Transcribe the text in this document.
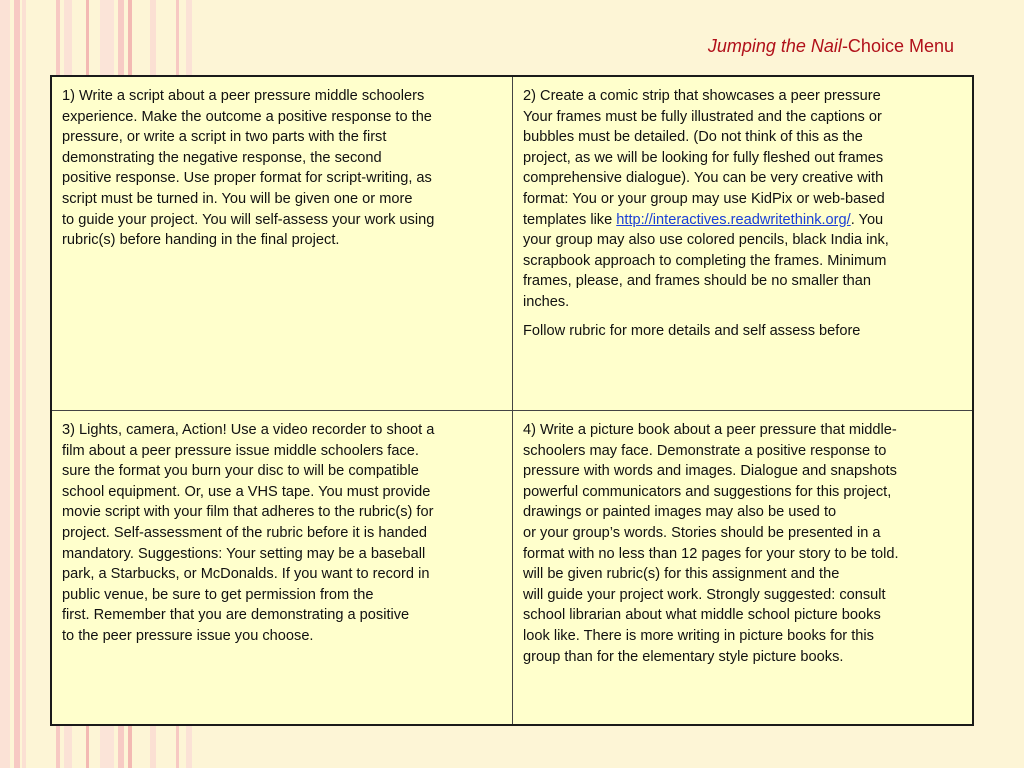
Jumping the Nail-Choice Menu

1) Write a script about a peer pressure middle schoolers
experience. Make the outcome a positive response to the
pressure, or write a script in two parts with the first
demonstrating the negative response, the second
positive response. Use proper format for script-writing, as
script must be turned in. You will be given one or more
to guide your project. You will self-assess your work using
rubric(s) before handing in the final project.

2) Create a comic strip that showcases a peer pressure
Your frames must be fully illustrated and the captions or
bubbles must be detailed. (Do not think of this as the
project, as we will be looking for fully fleshed out frames
comprehensive dialogue). You can be very creative with
format: You or your group may use KidPix or web-based
templates like http://interactives.readwritethink.org/. You
your group may also use colored pencils, black India ink,
scrapbook approach to completing the frames. Minimum
frames, please, and frames should be no smaller than
inches.

Follow rubric for more details and self assess before

3) Lights, camera, Action! Use a video recorder to shoot a
film about a peer pressure issue middle schoolers face.
sure the format you burn your disc to will be compatible
school equipment. Or, use a VHS tape. You must provide
movie script with your film that adheres to the rubric(s) for
project. Self-assessment of the rubric before it is handed
mandatory. Suggestions: Your setting may be a baseball
park, a Starbucks, or McDonalds. If you want to record in
public venue, be sure to get permission from the
first. Remember that you are demonstrating a positive
to the peer pressure issue you choose.

4) Write a picture book about a peer pressure that middle-
schoolers may face. Demonstrate a positive response to
pressure with words and images. Dialogue and snapshots
powerful communicators and suggestions for this project,
drawings or painted images may also be used to
or your group’s words. Stories should be presented in a
format with no less than 12 pages for your story to be told.
will be given rubric(s) for this assignment and the
will guide your project work. Strongly suggested: consult
school librarian about what middle school picture books
look like. There is more writing in picture books for this
group than for the elementary style picture books.
